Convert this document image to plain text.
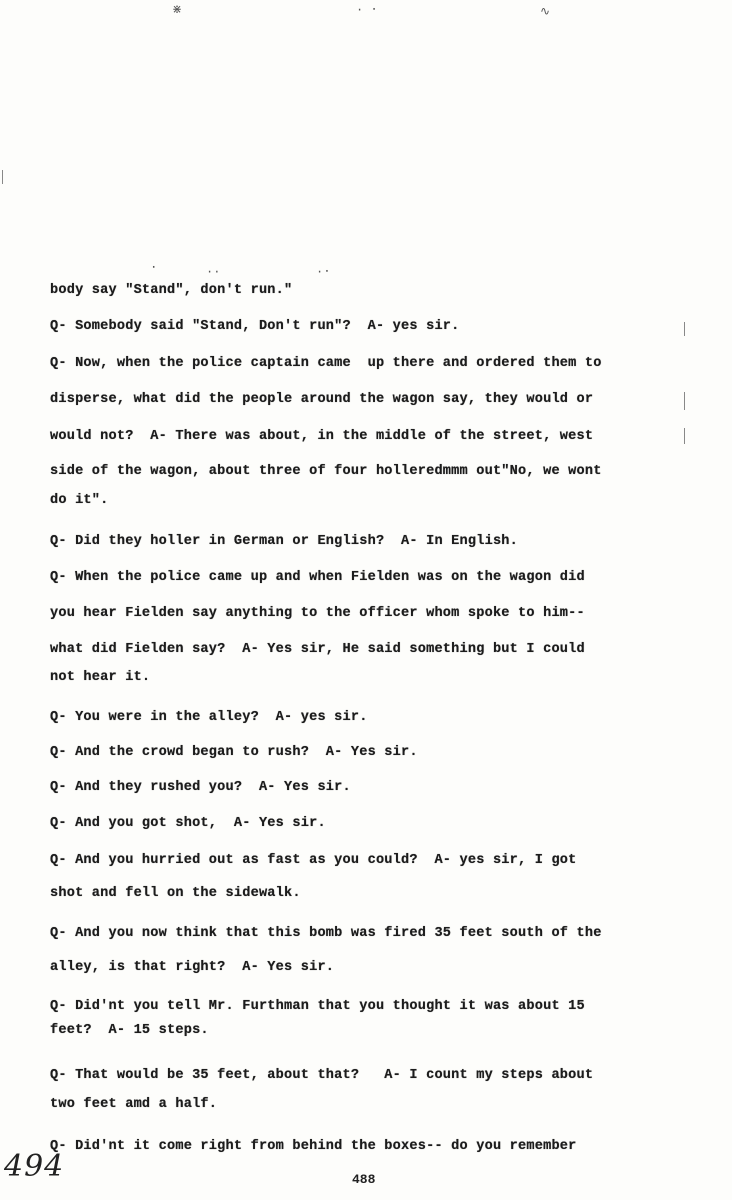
⋇	· ⋅	∿
⋅	··	·⋅
body say "Stand", don't run."
Q- Somebody said "Stand, Don't run"?  A- yes sir.
Q- Now, when the police captain came  up there and ordered them to
disperse, what did the people around the wagon say, they would or
would not?  A- There was about, in the middle of the street, west
side of the wagon, about three of four holleredmmm out"No, we wont
do it".
Q- Did they holler in German or English?  A- In English.
Q- When the police came up and when Fielden was on the wagon did
you hear Fielden say anything to the officer whom spoke to him--
what did Fielden say?  A- Yes sir, He said something but I could
not hear it.
Q- You were in the alley?  A- yes sir.
Q- And the crowd began to rush?  A- Yes sir.
Q- And they rushed you?  A- Yes sir.
Q- And you got shot,  A- Yes sir.
Q- And you hurried out as fast as you could?  A- yes sir, I got
shot and fell on the sidewalk.
Q- And you now think that this bomb was fired 35 feet south of the
alley, is that right?  A- Yes sir.
Q- Did'nt you tell Mr. Furthman that you thought it was about 15
feet?  A- 15 steps.
Q- That would be 35 feet, about that?   A- I count my steps about
two feet amd a half.
Q- Did'nt it come right from behind the boxes-- do you remember
494	488
